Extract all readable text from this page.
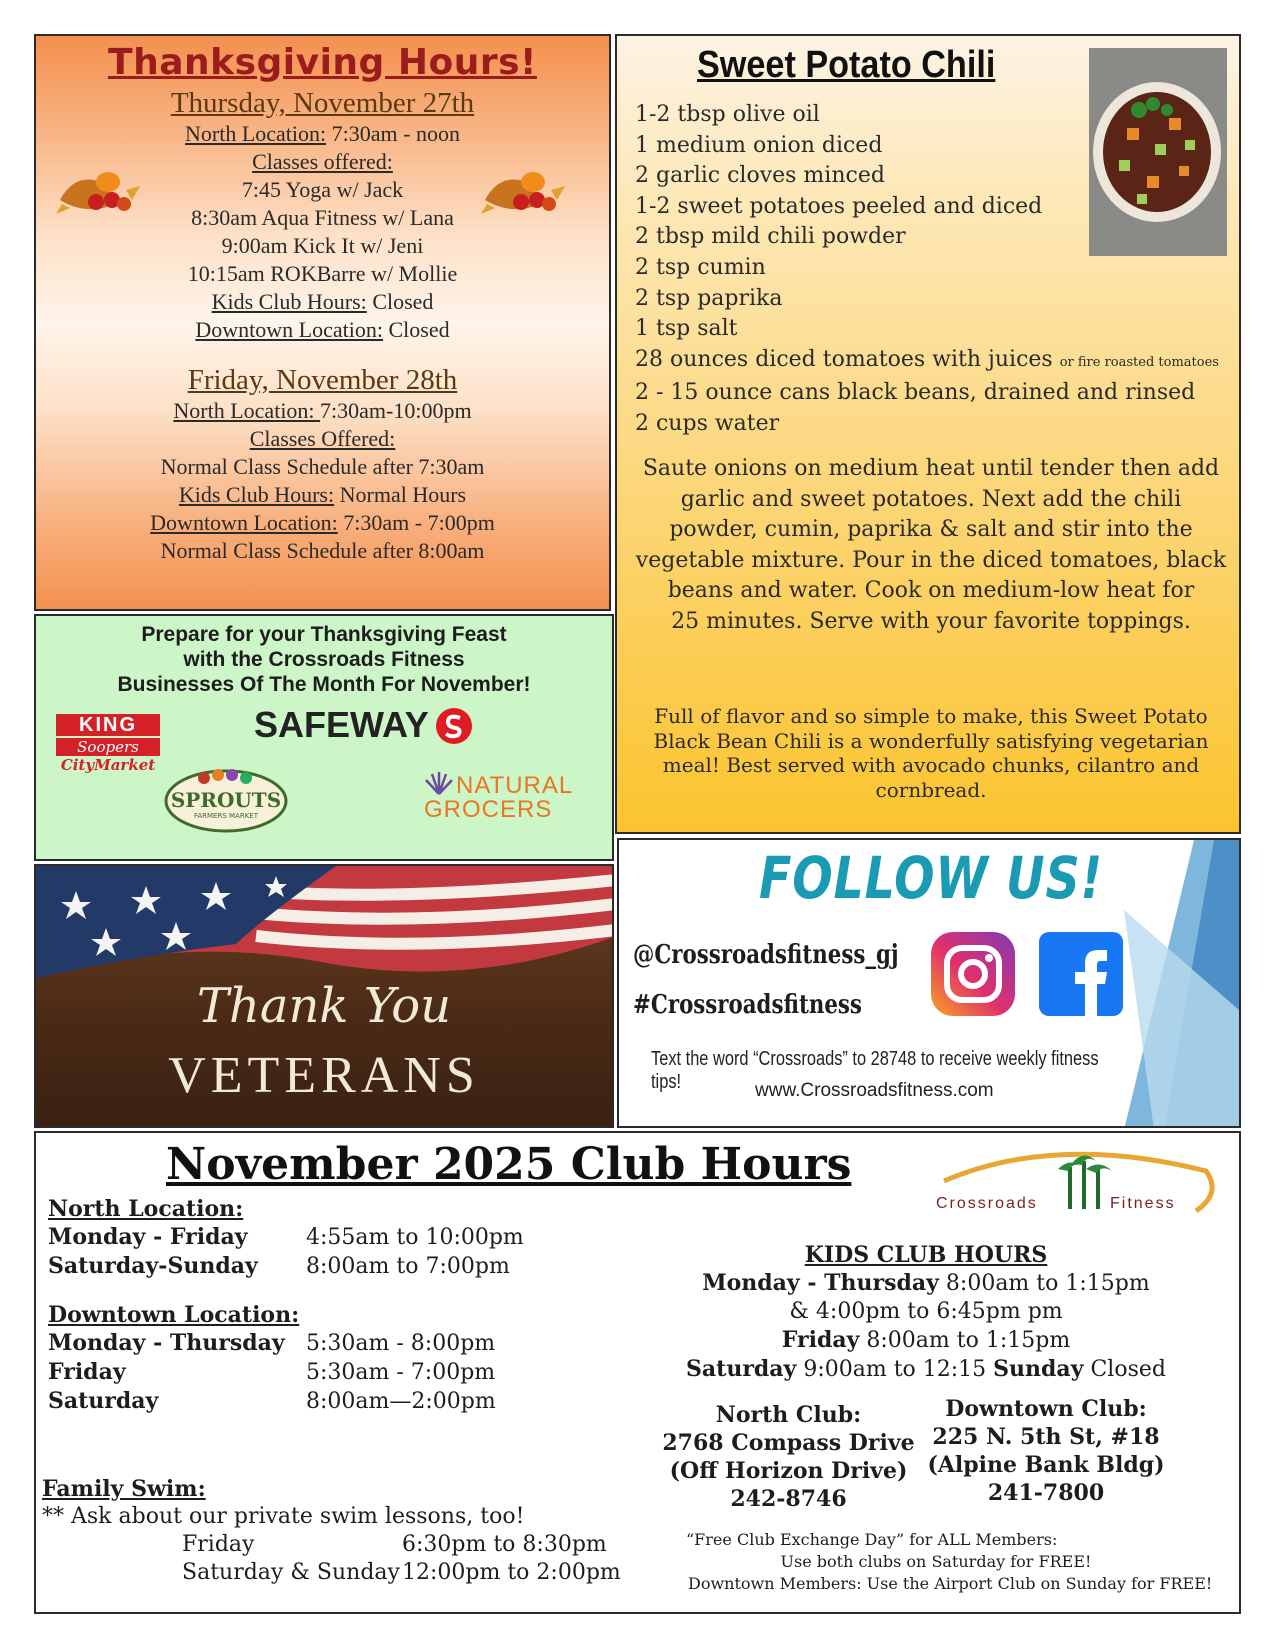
Thanksgiving Hours!
Thursday, November 27th
North Location: 7:30am - noon
Classes offered:
7:45 Yoga w/ Jack
8:30am Aqua Fitness w/ Lana
9:00am Kick It w/ Jeni
10:15am ROKBarre w/ Mollie
Kids Club Hours: Closed
Downtown Location: Closed
Friday, November 28th
North Location: 7:30am-10:00pm
Classes Offered:
Normal Class Schedule after 7:30am
Kids Club Hours: Normal Hours
Downtown Location: 7:30am - 7:00pm
Normal Class Schedule after 8:00am
Prepare for your Thanksgiving Feast
with the Crossroads Fitness
Businesses Of The Month For November!
KING
Soopers
CityMarket
SAFEWAY
SPROUTS
FARMERS MARKET
NATURAL
GROCERS
Thank You
VETERANS
Sweet Potato Chili
1-2 tbsp olive oil
1 medium onion diced
2 garlic cloves minced
1-2 sweet potatoes peeled and diced
2 tbsp mild chili powder
2 tsp cumin
2 tsp paprika
1 tsp salt
28 ounces diced tomatoes with juices or fire roasted tomatoes
2 - 15 ounce cans black beans, drained and rinsed
2 cups water
Saute onions on medium heat until tender then add
garlic and sweet potatoes. Next add the chili
powder, cumin, paprika & salt and stir into the
vegetable mixture. Pour in the diced tomatoes, black
beans and water. Cook on medium-low heat for
25 minutes. Serve with your favorite toppings.
Full of flavor and so simple to make, this Sweet Potato
Black Bean Chili is a wonderfully satisfying vegetarian
meal! Best served with avocado chunks, cilantro and
cornbread.
FOLLOW US!
@Crossroadsfitness_gj
#Crossroadsfitness
Text the word “Crossroads” to 28748 to receive weekly fitness tips!	www.Crossroadsfitness.com
November 2025 Club Hours
Crossroads	Fitness
North Location:
Monday - Friday	4:55am to 10:00pm
Saturday-Sunday 8:00am to 7:00pm
Downtown Location:
Monday - Thursday 5:30am - 8:00pm
Friday	5:30am - 7:00pm
Saturday	8:00am—2:00pm
Family Swim:
** Ask about our private swim lessons, too!
Friday	6:30pm to 8:30pm
Saturday & Sunday12:00pm to 2:00pm
KIDS CLUB HOURS
Monday - Thursday 8:00am to 1:15pm
& 4:00pm to 6:45pm pm
Friday 8:00am to 1:15pm
Saturday 9:00am to 12:15 Sunday Closed
North Club:
2768 Compass Drive
(Off Horizon Drive)
242-8746
Downtown Club:
225 N. 5th St, #18
(Alpine Bank Bldg)
241-7800
“Free Club Exchange Day” for ALL Members:
Use both clubs on Saturday for FREE!
Downtown Members: Use the Airport Club on Sunday for FREE!
